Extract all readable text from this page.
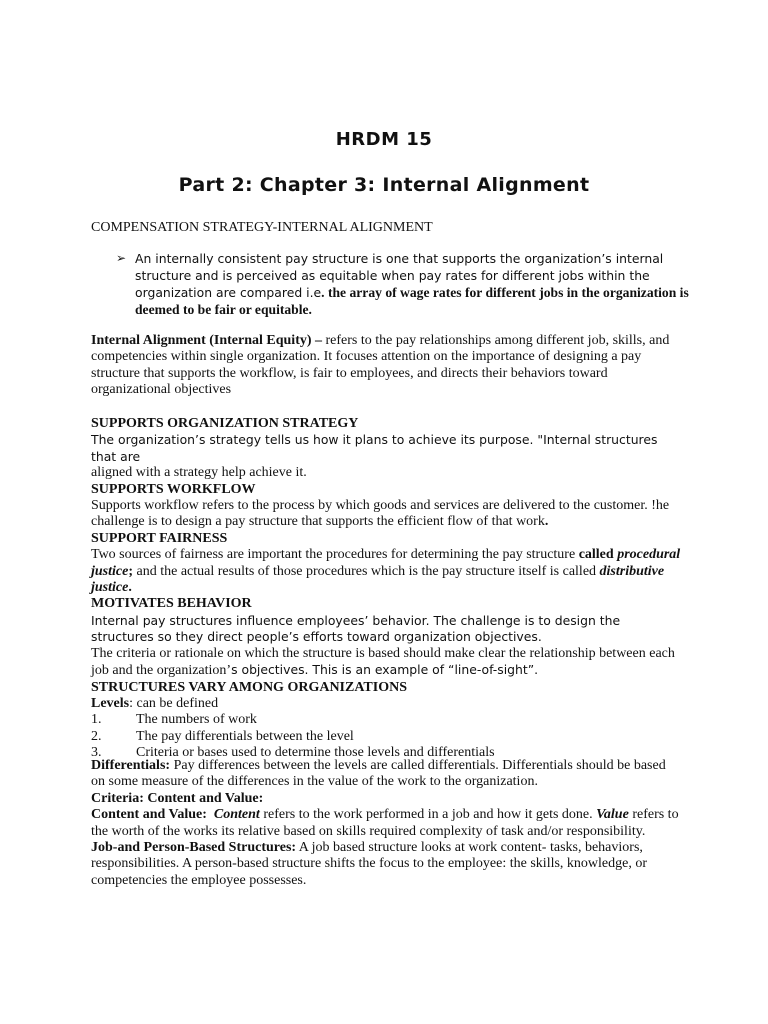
HRDM 15
Part 2: Chapter 3: Internal Alignment
COMPENSATION STRATEGY-INTERNAL ALIGNMENT
➢ An internally consistent pay structure is one that supports the organization’s internal structure and is perceived as equitable when pay rates for different jobs within the organization are compared i.e. the array of wage rates for different jobs in the organization is deemed to be fair or equitable.
Internal Alignment (Internal Equity) – refers to the pay relationships among different job, skills, and competencies within single organization. It focuses attention on the importance of designing a pay structure that supports the workflow, is fair to employees, and directs their behaviors toward organizational objectives

SUPPORTS ORGANIZATION STRATEGY

The organization’s strategy tells us how it plans to achieve its purpose. "Internal structures that are

aligned with a strategy help achieve it.

SUPPORTS WORKFLOW

Supports workflow refers to the process by which goods and services are delivered to the customer. !he challenge is to design a pay structure that supports the efficient flow of that work.

SUPPORT FAIRNESS

Two sources of fairness are important the procedures for determining the pay structure called procedural justice; and the actual results of those procedures which is the pay structure itself is called distributive justice.

MOTIVATES BEHAVIOR

Internal pay structures influence employees’ behavior. The challenge is to design the structures so they direct people’s efforts toward organization objectives.

The criteria or rationale on which the structure is based should make clear the relationship between each job and the organization’s objectives. This is an example of “line-of-sight”.

STRUCTURES VARY AMONG ORGANIZATIONS

Levels: can be defined

1.	The numbers of work
2.	The pay differentials between the level
3.	Criteria or bases used to determine those levels and differentials

Differentials: Pay differences between the levels are called differentials. Differentials should be based on some measure of the differences in the value of the work to the organization.

Criteria: Content and Value:

Content and Value: Content refers to the work performed in a job and how it gets done. Value refers to the worth of the works its relative based on skills required complexity of task and/or responsibility.

Job-and Person-Based Structures: A job based structure looks at work content- tasks, behaviors, responsibilities. A person-based structure shifts the focus to the employee: the skills, knowledge, or competencies the employee possesses.
